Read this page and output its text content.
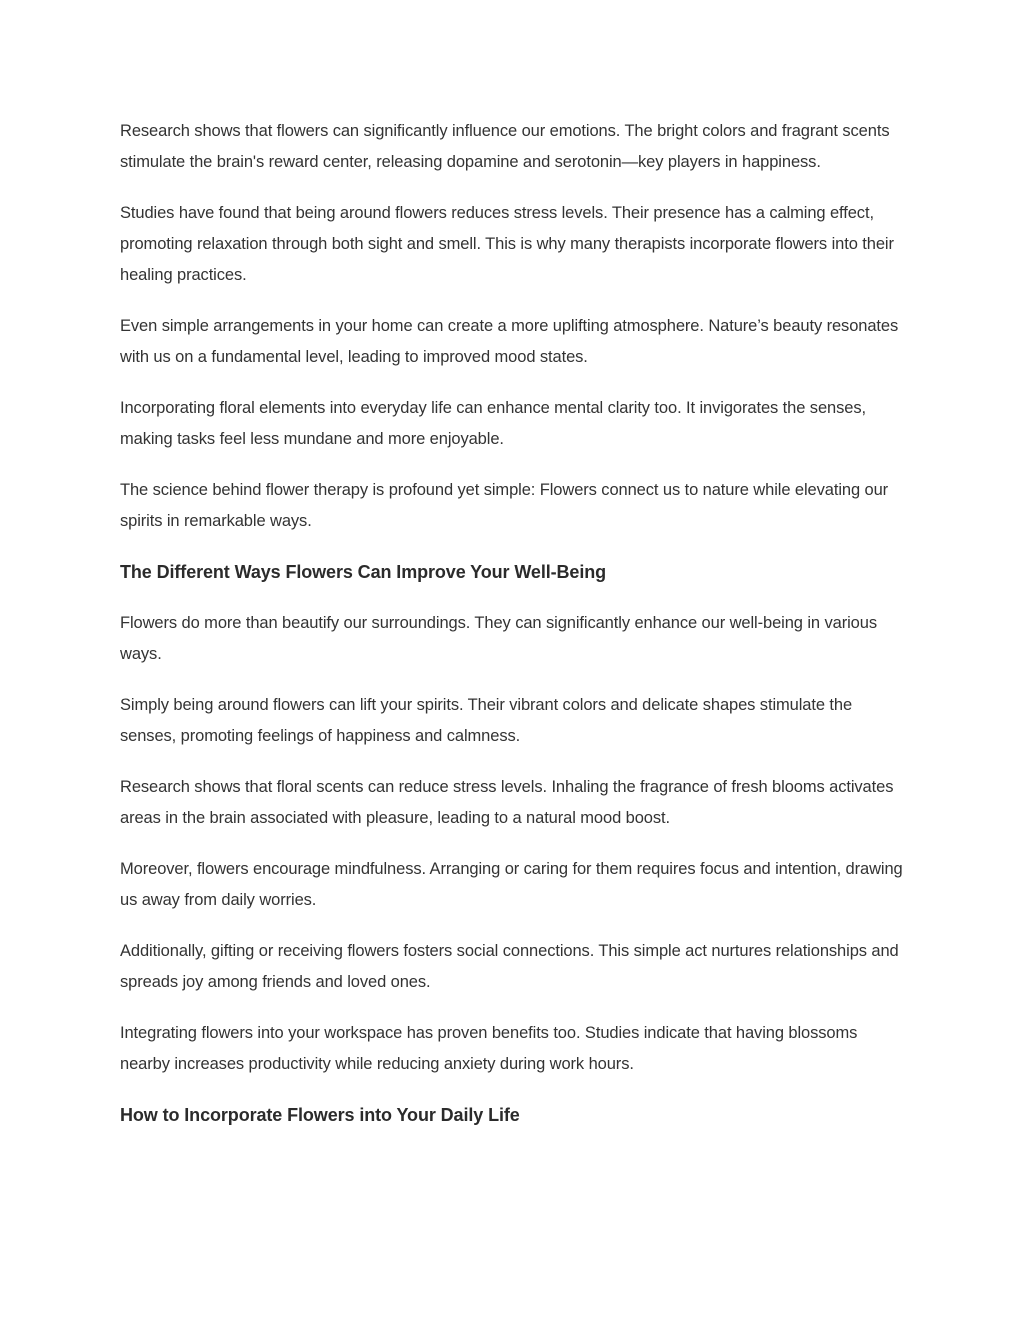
Research shows that flowers can significantly influence our emotions. The bright colors and fragrant scents stimulate the brain's reward center, releasing dopamine and serotonin—key players in happiness.

Studies have found that being around flowers reduces stress levels. Their presence has a calming effect, promoting relaxation through both sight and smell. This is why many therapists incorporate flowers into their healing practices.

Even simple arrangements in your home can create a more uplifting atmosphere. Nature’s beauty resonates with us on a fundamental level, leading to improved mood states.

Incorporating floral elements into everyday life can enhance mental clarity too. It invigorates the senses, making tasks feel less mundane and more enjoyable.

The science behind flower therapy is profound yet simple: Flowers connect us to nature while elevating our spirits in remarkable ways.

The Different Ways Flowers Can Improve Your Well-Being

Flowers do more than beautify our surroundings. They can significantly enhance our well-being in various ways.

Simply being around flowers can lift your spirits. Their vibrant colors and delicate shapes stimulate the senses, promoting feelings of happiness and calmness.

Research shows that floral scents can reduce stress levels. Inhaling the fragrance of fresh blooms activates areas in the brain associated with pleasure, leading to a natural mood boost.

Moreover, flowers encourage mindfulness. Arranging or caring for them requires focus and intention, drawing us away from daily worries.

Additionally, gifting or receiving flowers fosters social connections. This simple act nurtures relationships and spreads joy among friends and loved ones.

Integrating flowers into your workspace has proven benefits too. Studies indicate that having blossoms nearby increases productivity while reducing anxiety during work hours.

How to Incorporate Flowers into Your Daily Life
